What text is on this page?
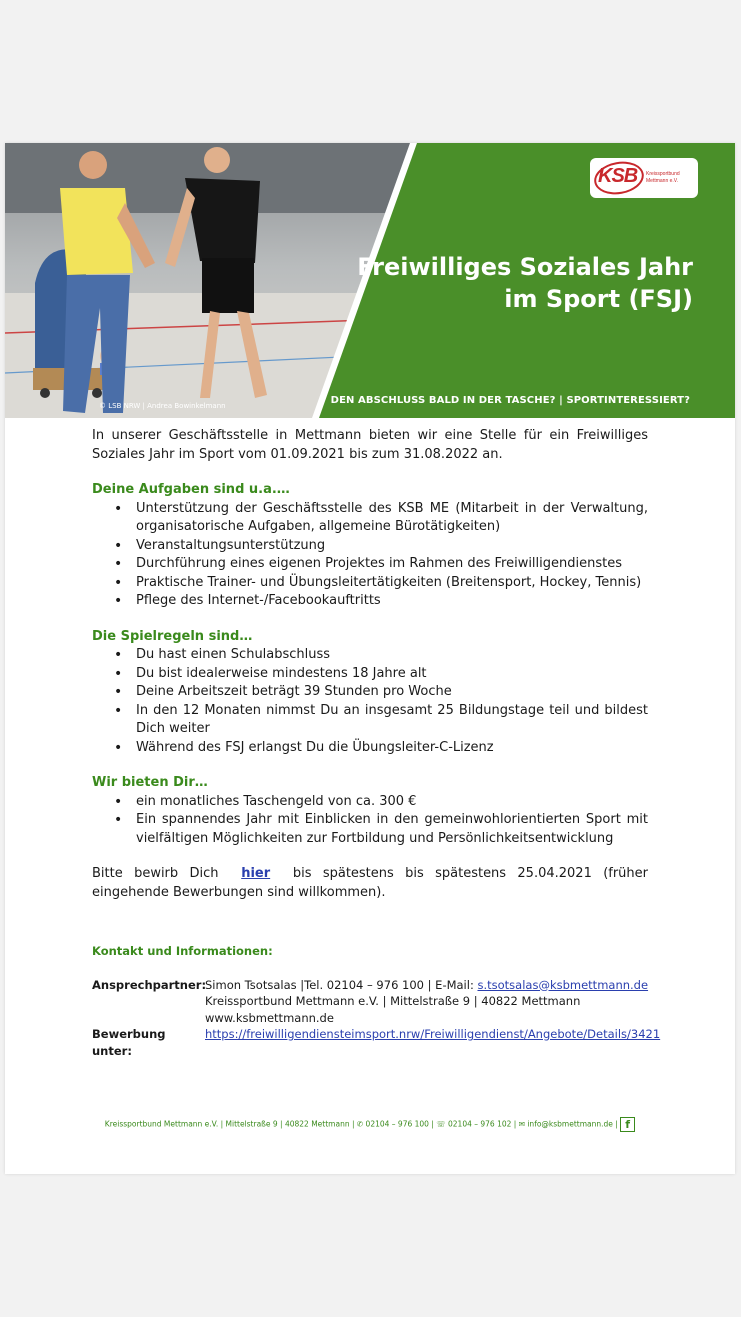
© LSB NRW | Andrea Bowinkelmann
KSB Kreissportbund
Mettmann e.V.
Freiwilliges Soziales Jahr im Sport (FSJ)
DEN ABSCHLUSS BALD IN DER TASCHE? | SPORTINTERESSIERT?

In unserer Geschäftsstelle in Mettmann bieten wir eine Stelle für ein Freiwilliges Soziales Jahr im Sport vom 01.09.2021 bis zum 31.08.2022 an.

Deine Aufgaben sind u.a.…
• Unterstützung der Geschäftsstelle des KSB ME (Mitarbeit in der Verwaltung, organisatorische Aufgaben, allgemeine Bürotätigkeiten)
• Veranstaltungsunterstützung
• Durchführung eines eigenen Projektes im Rahmen des Freiwilligendienstes
• Praktische Trainer- und Übungsleitertätigkeiten (Breitensport, Hockey, Tennis)
• Pflege des Internet-/Facebookauftritts
Die Spielregeln sind…
• Du hast einen Schulabschluss
• Du bist idealerweise mindestens 18 Jahre alt
• Deine Arbeitszeit beträgt 39 Stunden pro Woche
• In den 12 Monaten nimmst Du an insgesamt 25 Bildungstage teil und bildest Dich weiter
• Während des FSJ erlangst Du die Übungsleiter-C-Lizenz
Wir bieten Dir…
• ein monatliches Taschengeld von ca. 300 €
• Ein spannendes Jahr mit Einblicken in den gemeinwohlorientierten Sport mit vielfältigen Möglichkeiten zur Fortbildung und Persönlichkeitsentwicklung

Bitte bewirb Dich hier bis spätestens bis spätestens 25.04.2021 (früher eingehende Bewerbungen sind willkommen).

Kontakt und Informationen:
Ansprechpartner:
Simon Tsotsalas |Tel. 02104 – 976 100 | E-Mail: s.tsotsalas@ksbmettmann.de
Kreissportbund Mettmann e.V. | Mittelstraße 9 | 40822 Mettmann
www.ksbmettmann.de
Bewerbung unter:
https://freiwilligendiensteimsport.nrw/Freiwilligendienst/Angebote/Details/3421
Kreissportbund Mettmann e.V. | Mittelstraße 9 | 40822 Mettmann | ✆ 02104 – 976 100 | ☏ 02104 – 976 102 | ✉ info@ksbmettmann.de | f
